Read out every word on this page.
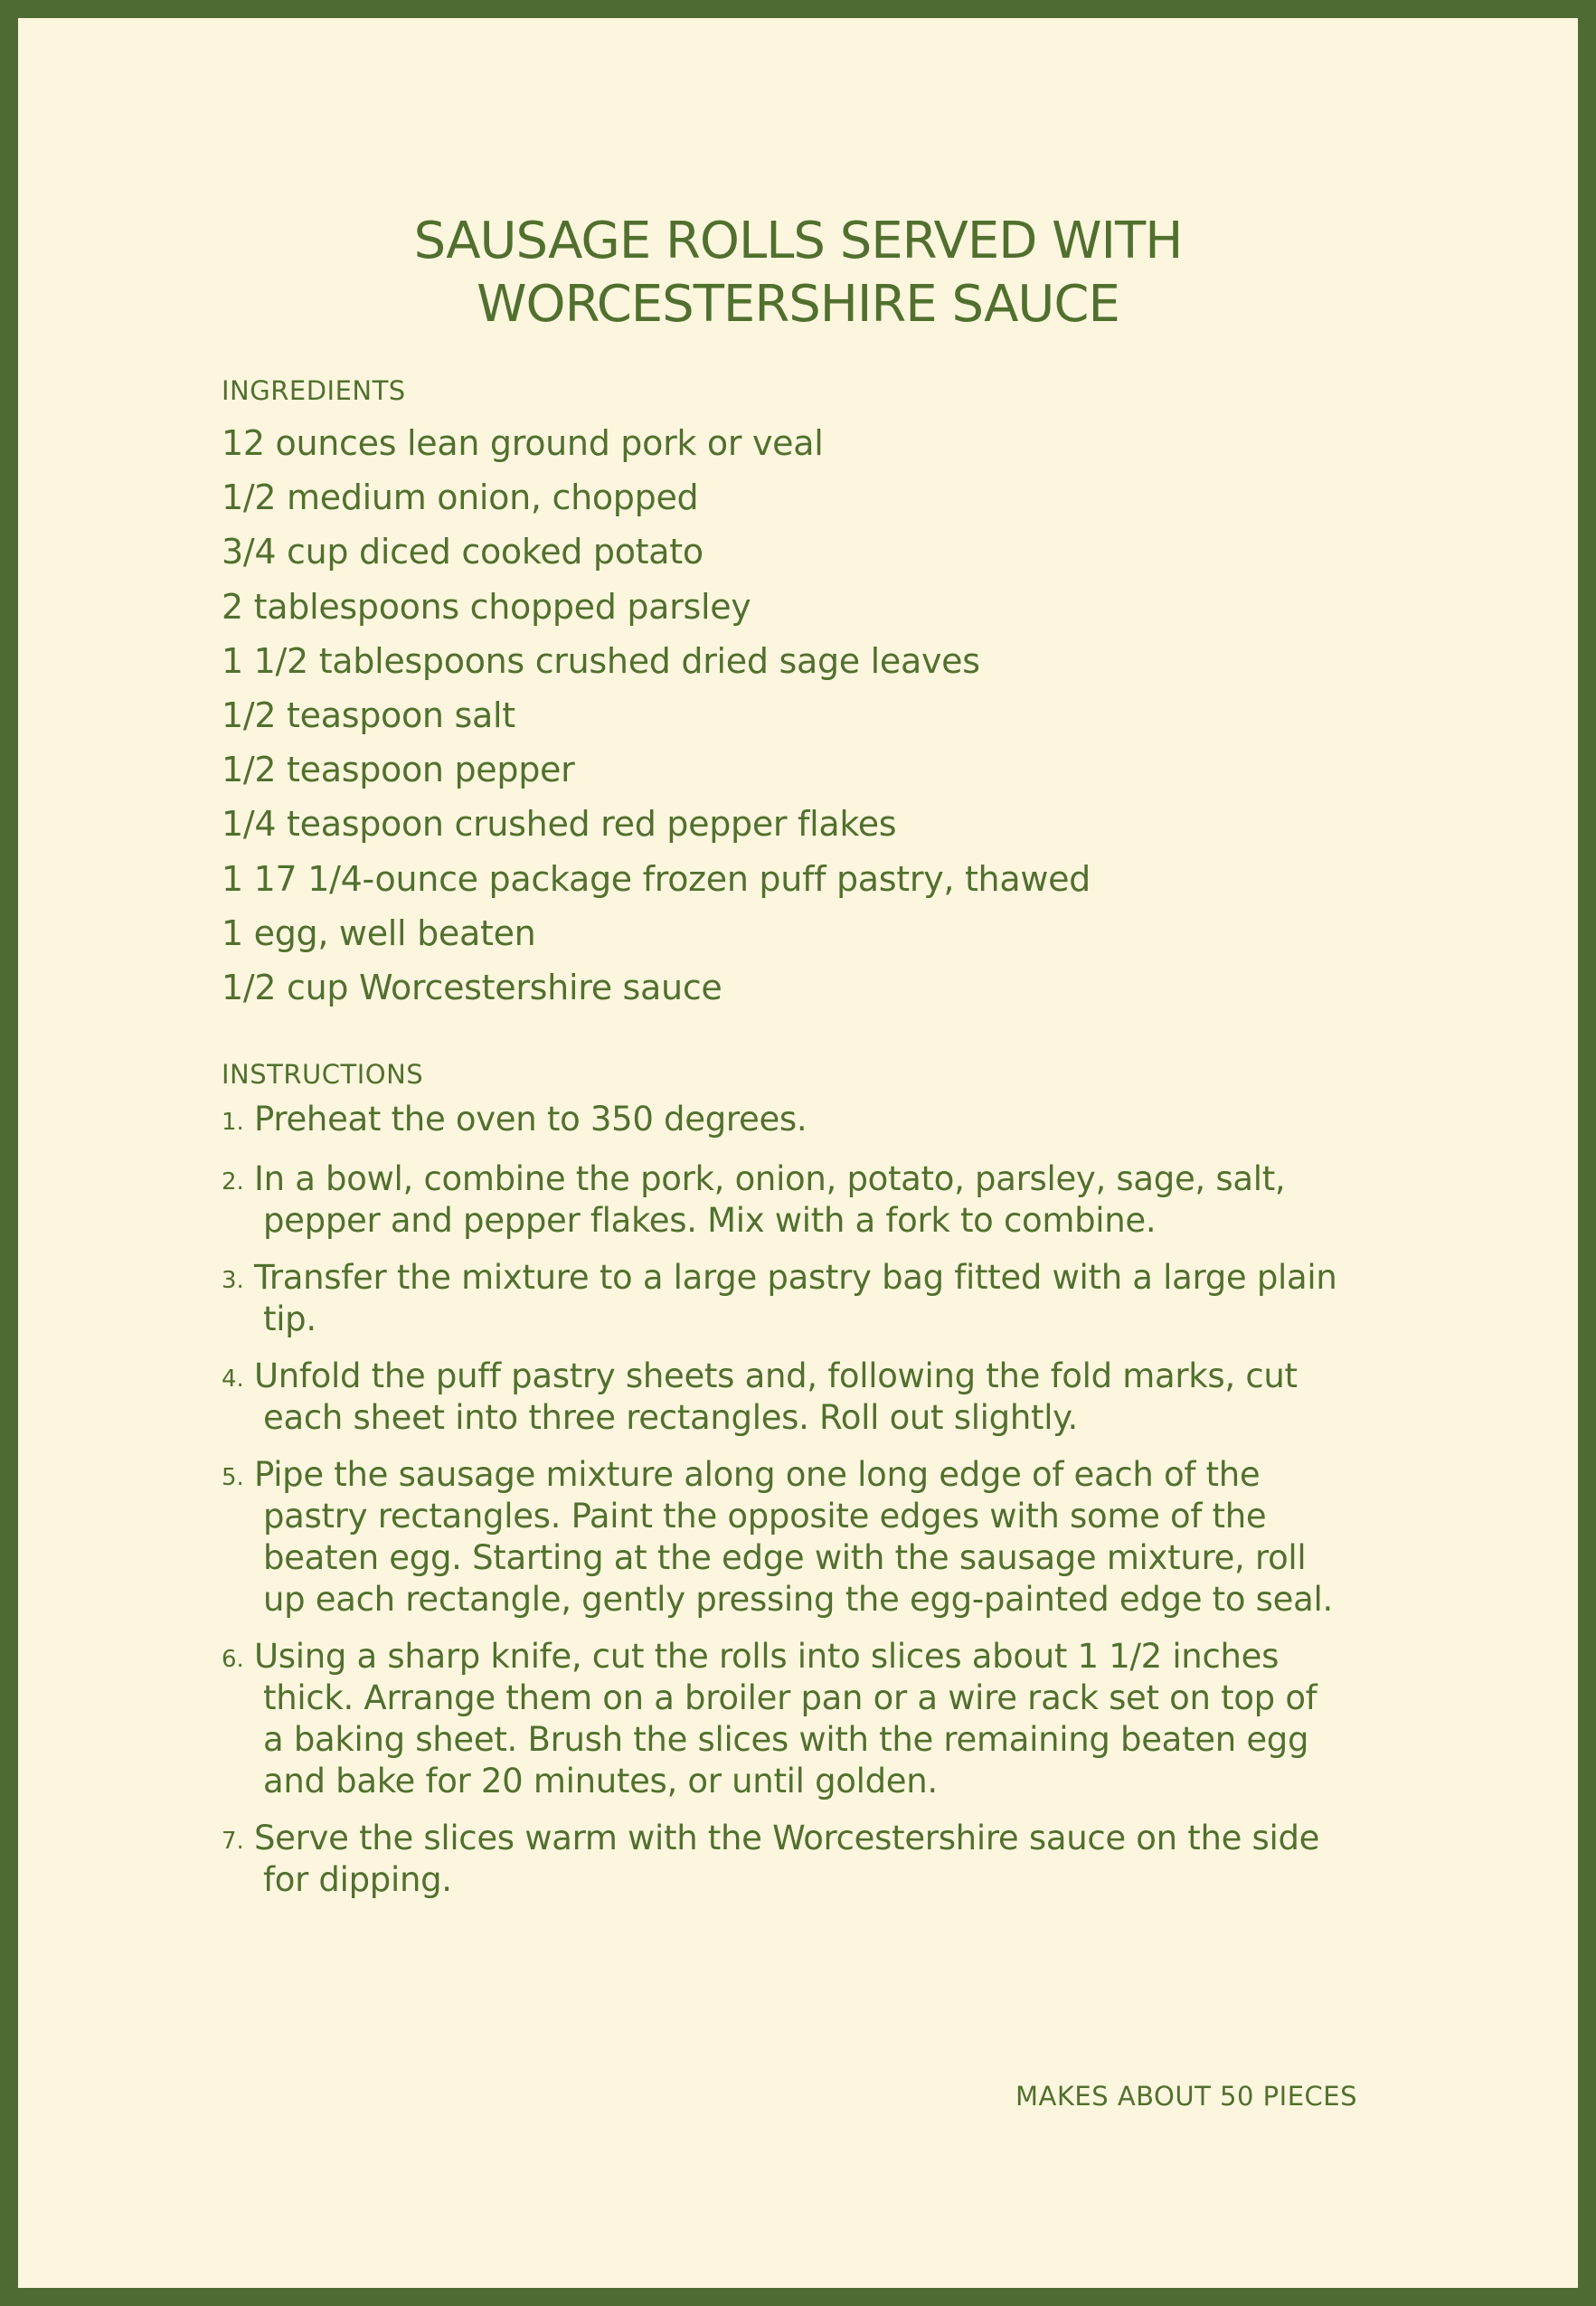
SAUSAGE ROLLS SERVED WITH
WORCESTERSHIRE SAUCE
INGREDIENTS
12 ounces lean ground pork or veal
1/2 medium onion, chopped
3/4 cup diced cooked potato
2 tablespoons chopped parsley
1 1/2 tablespoons crushed dried sage leaves
1/2 teaspoon salt
1/2 teaspoon pepper
1/4 teaspoon crushed red pepper flakes
1 17 1/4-ounce package frozen puff pastry, thawed
1 egg, well beaten
1/2 cup Worcestershire sauce
INSTRUCTIONS
1. Preheat the oven to 350 degrees.
2. In a bowl, combine the pork, onion, potato, parsley, sage, salt,
pepper and pepper flakes. Mix with a fork to combine.
3. Transfer the mixture to a large pastry bag fitted with a large plain
tip.
4. Unfold the puff pastry sheets and, following the fold marks, cut
each sheet into three rectangles. Roll out slightly.
5. Pipe the sausage mixture along one long edge of each of the
pastry rectangles. Paint the opposite edges with some of the
beaten egg. Starting at the edge with the sausage mixture, roll
up each rectangle, gently pressing the egg-painted edge to seal.
6. Using a sharp knife, cut the rolls into slices about 1 1/2 inches
thick. Arrange them on a broiler pan or a wire rack set on top of
a baking sheet. Brush the slices with the remaining beaten egg
and bake for 20 minutes, or until golden.
7. Serve the slices warm with the Worcestershire sauce on the side
for dipping.
MAKES ABOUT 50 PIECES
